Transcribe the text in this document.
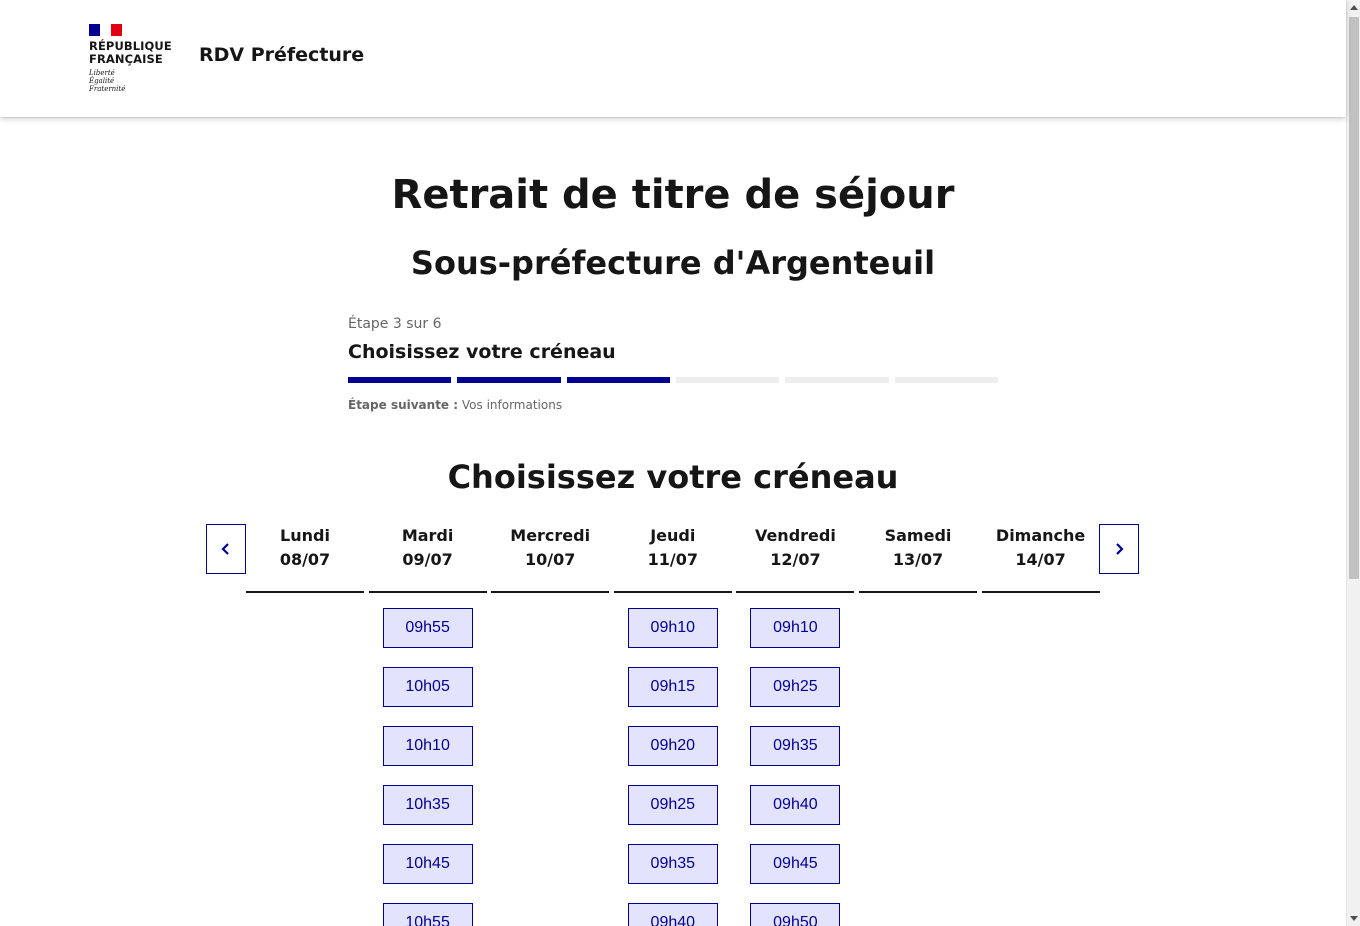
RÉPUBLIQUE
FRANÇAISE
Liberté
Égalité
Fraternité
RDV Préfecture
Retrait de titre de séjour
Sous-préfecture d'Argenteuil

Étape 3 sur 6

Choisissez votre créneau

Étape suivante : Vos informations

Choisissez votre créneau
Lundi
08/07
Mardi
09/07
09h55
10h05
10h10
10h35
10h45
10h55
Mercredi
10/07
Jeudi
11/07
09h10
09h15
09h20
09h25
09h35
09h40
Vendredi
12/07
09h10
09h25
09h35
09h40
09h45
09h50
Samedi
13/07
Dimanche
14/07
